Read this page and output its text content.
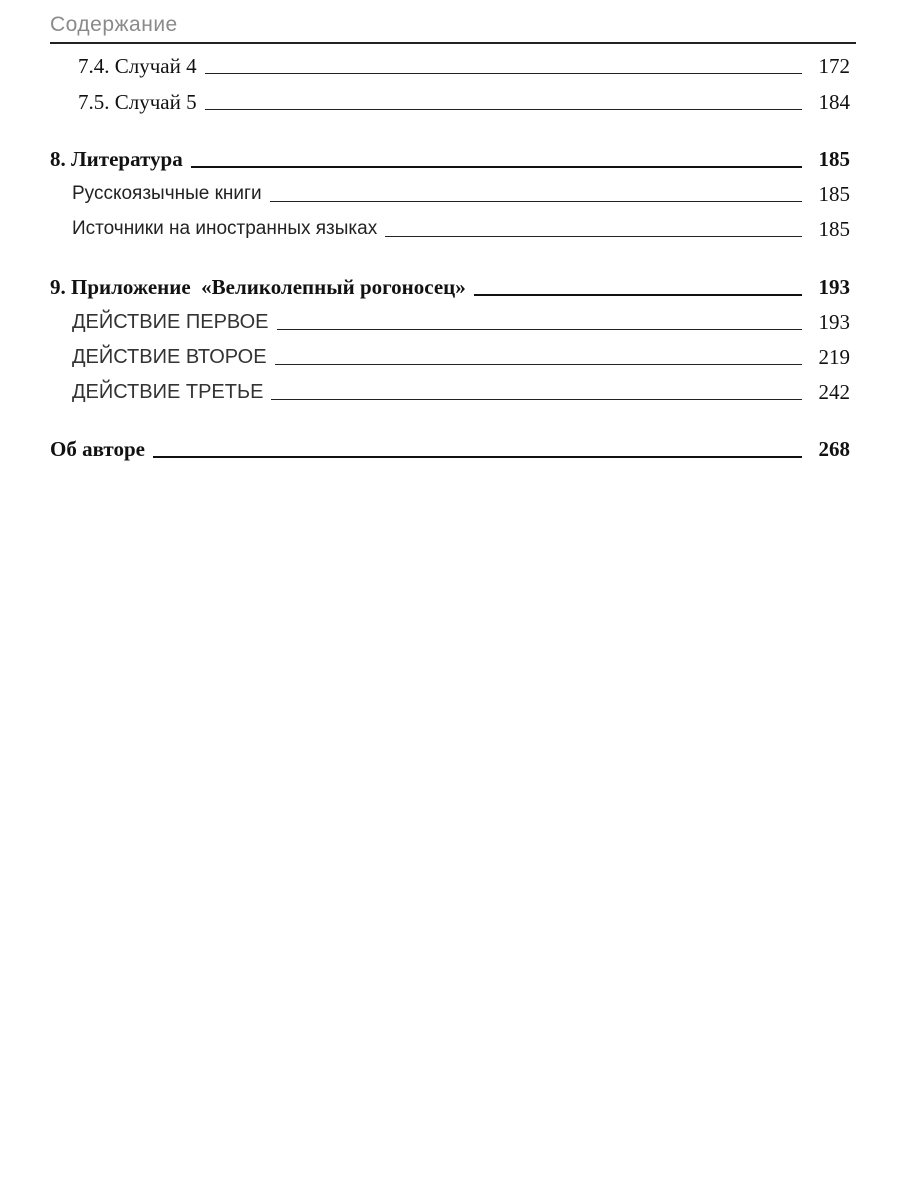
Содержание
7.4. Случай 4	172
7.5. Случай 5	184
8. Литература	185
Русскоязычные книги	185
Источники на иностранных языках	185
9. Приложение  «Великолепный рогоносец»	193
ДЕЙСТВИЕ ПЕРВОЕ	193
ДЕЙСТВИЕ ВТОРОЕ	219
ДЕЙСТВИЕ ТРЕТЬЕ	242
Об авторе	268
